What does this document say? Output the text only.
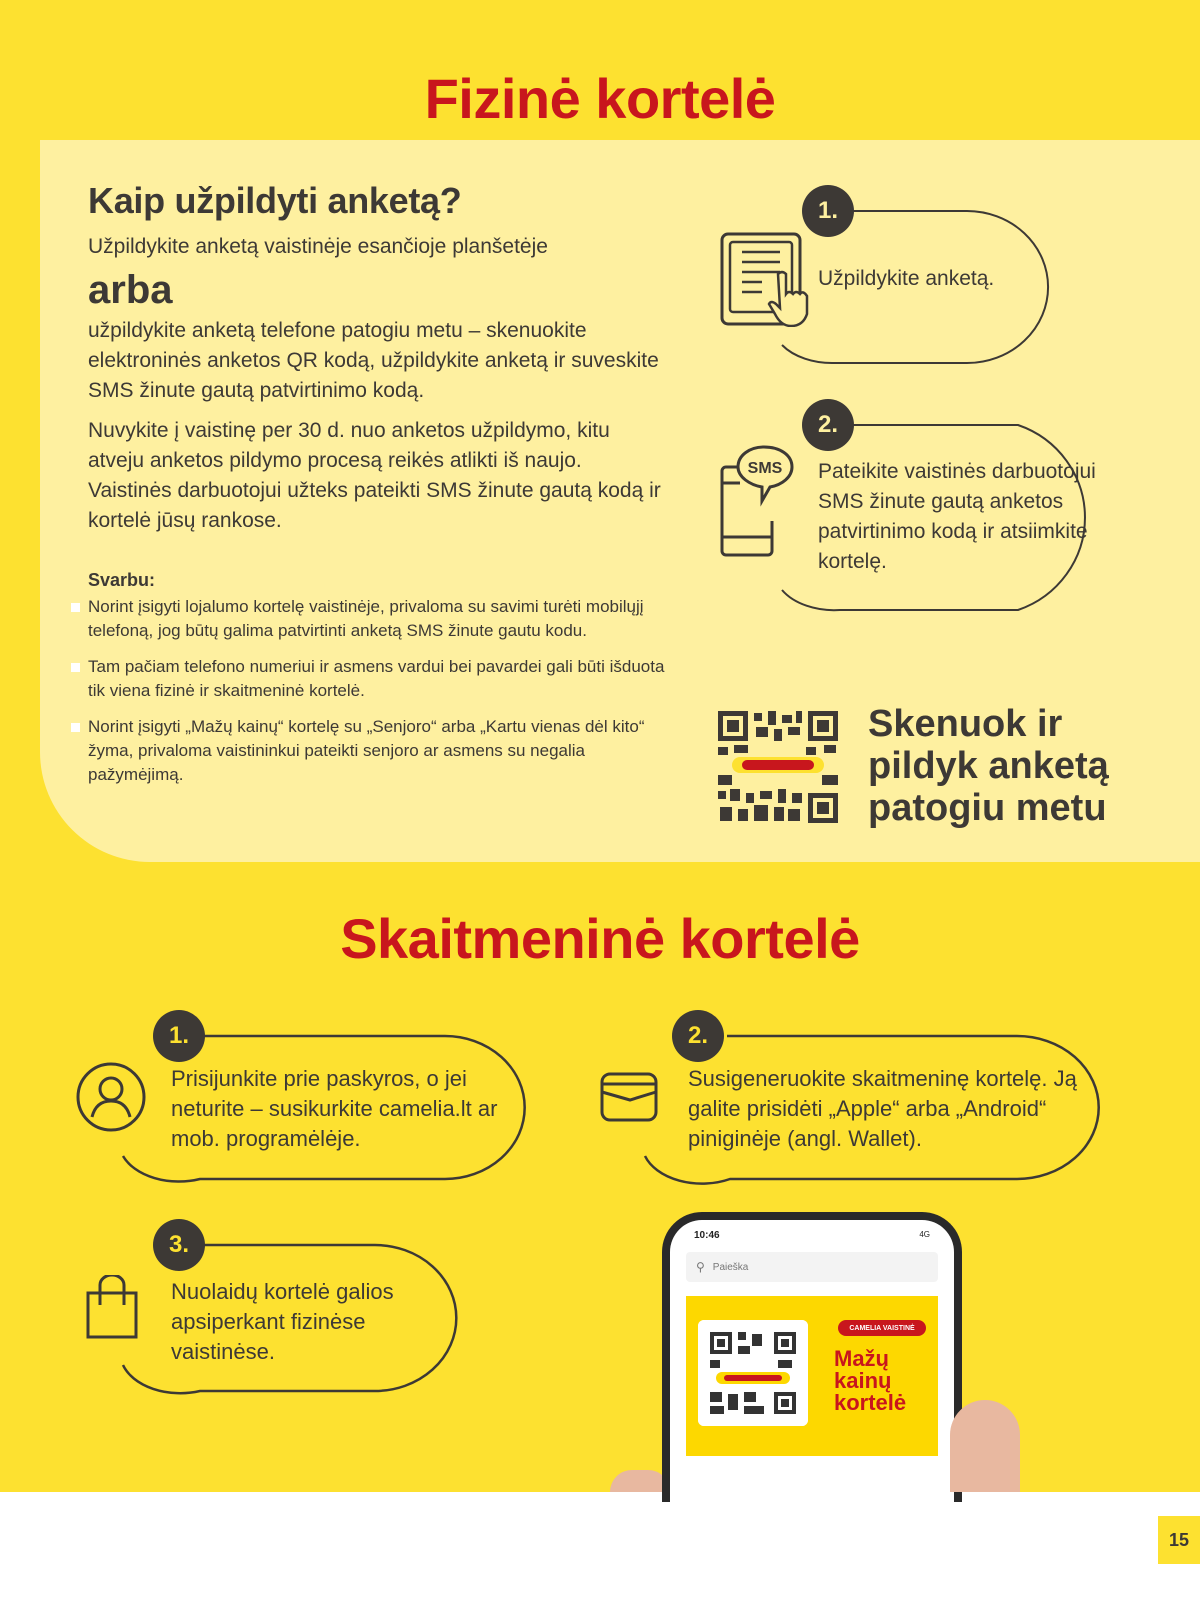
Fizinė kortelė
Kaip užpildyti anketą?

Užpildykite anketą vaistinėje esančioje planšetėje

arba

užpildykite anketą telefone patogiu metu – skenuokite elektroninės anketos QR kodą, užpildykite anketą ir suveskite SMS žinute gautą patvirtinimo kodą.

Nuvykite į vaistinę per 30 d. nuo anketos užpildymo, kitu atveju anketos pildymo procesą reikės atlikti iš naujo. Vaistinės darbuotojui užteks pateikti SMS žinute gautą kodą ir kortelė jūsų rankose.

Svarbu:

Norint įsigyti lojalumo kortelę vaistinėje, privaloma su savimi turėti mobilųjį telefoną, jog būtų galima patvirtinti anketą SMS žinute gautu kodu.
Tam pačiam telefono numeriui ir asmens vardui bei pavardei gali būti išduota tik viena fizinė ir skaitmeninė kortelė.
Norint įsigyti „Mažų kainų“ kortelę su „Senjoro“ arba „Kartu vienas dėl kito“ žyma, privaloma vaistininkui pateikti senjoro ar asmens su negalia pažymėjimą.
1.

Užpildykite anketą.

2.
SMS Pateikite vaistinės darbuotojui SMS žinute gautą anketos patvirtinimo kodą ir atsiimkite kortelę.

Skenuok ir pildyk anketą patogiu metu

Skaitmeninė kortelė
1.

Prisijunkite prie paskyros, o jei neturite – susikurkite camelia.lt ar mob. programėlėje.

2.

Susigeneruokite skaitmeninę kortelę. Ją galite prisidėti „Apple“ arba „Android“ piniginėje (angl. Wallet).

3.

Nuolaidų kortelė galios apsiperkant fizinėse vaistinėse.

10:46	4G
⚲ Paieška
CAMELIA VAISTINĖ
Mažų kainų kortelė
15
